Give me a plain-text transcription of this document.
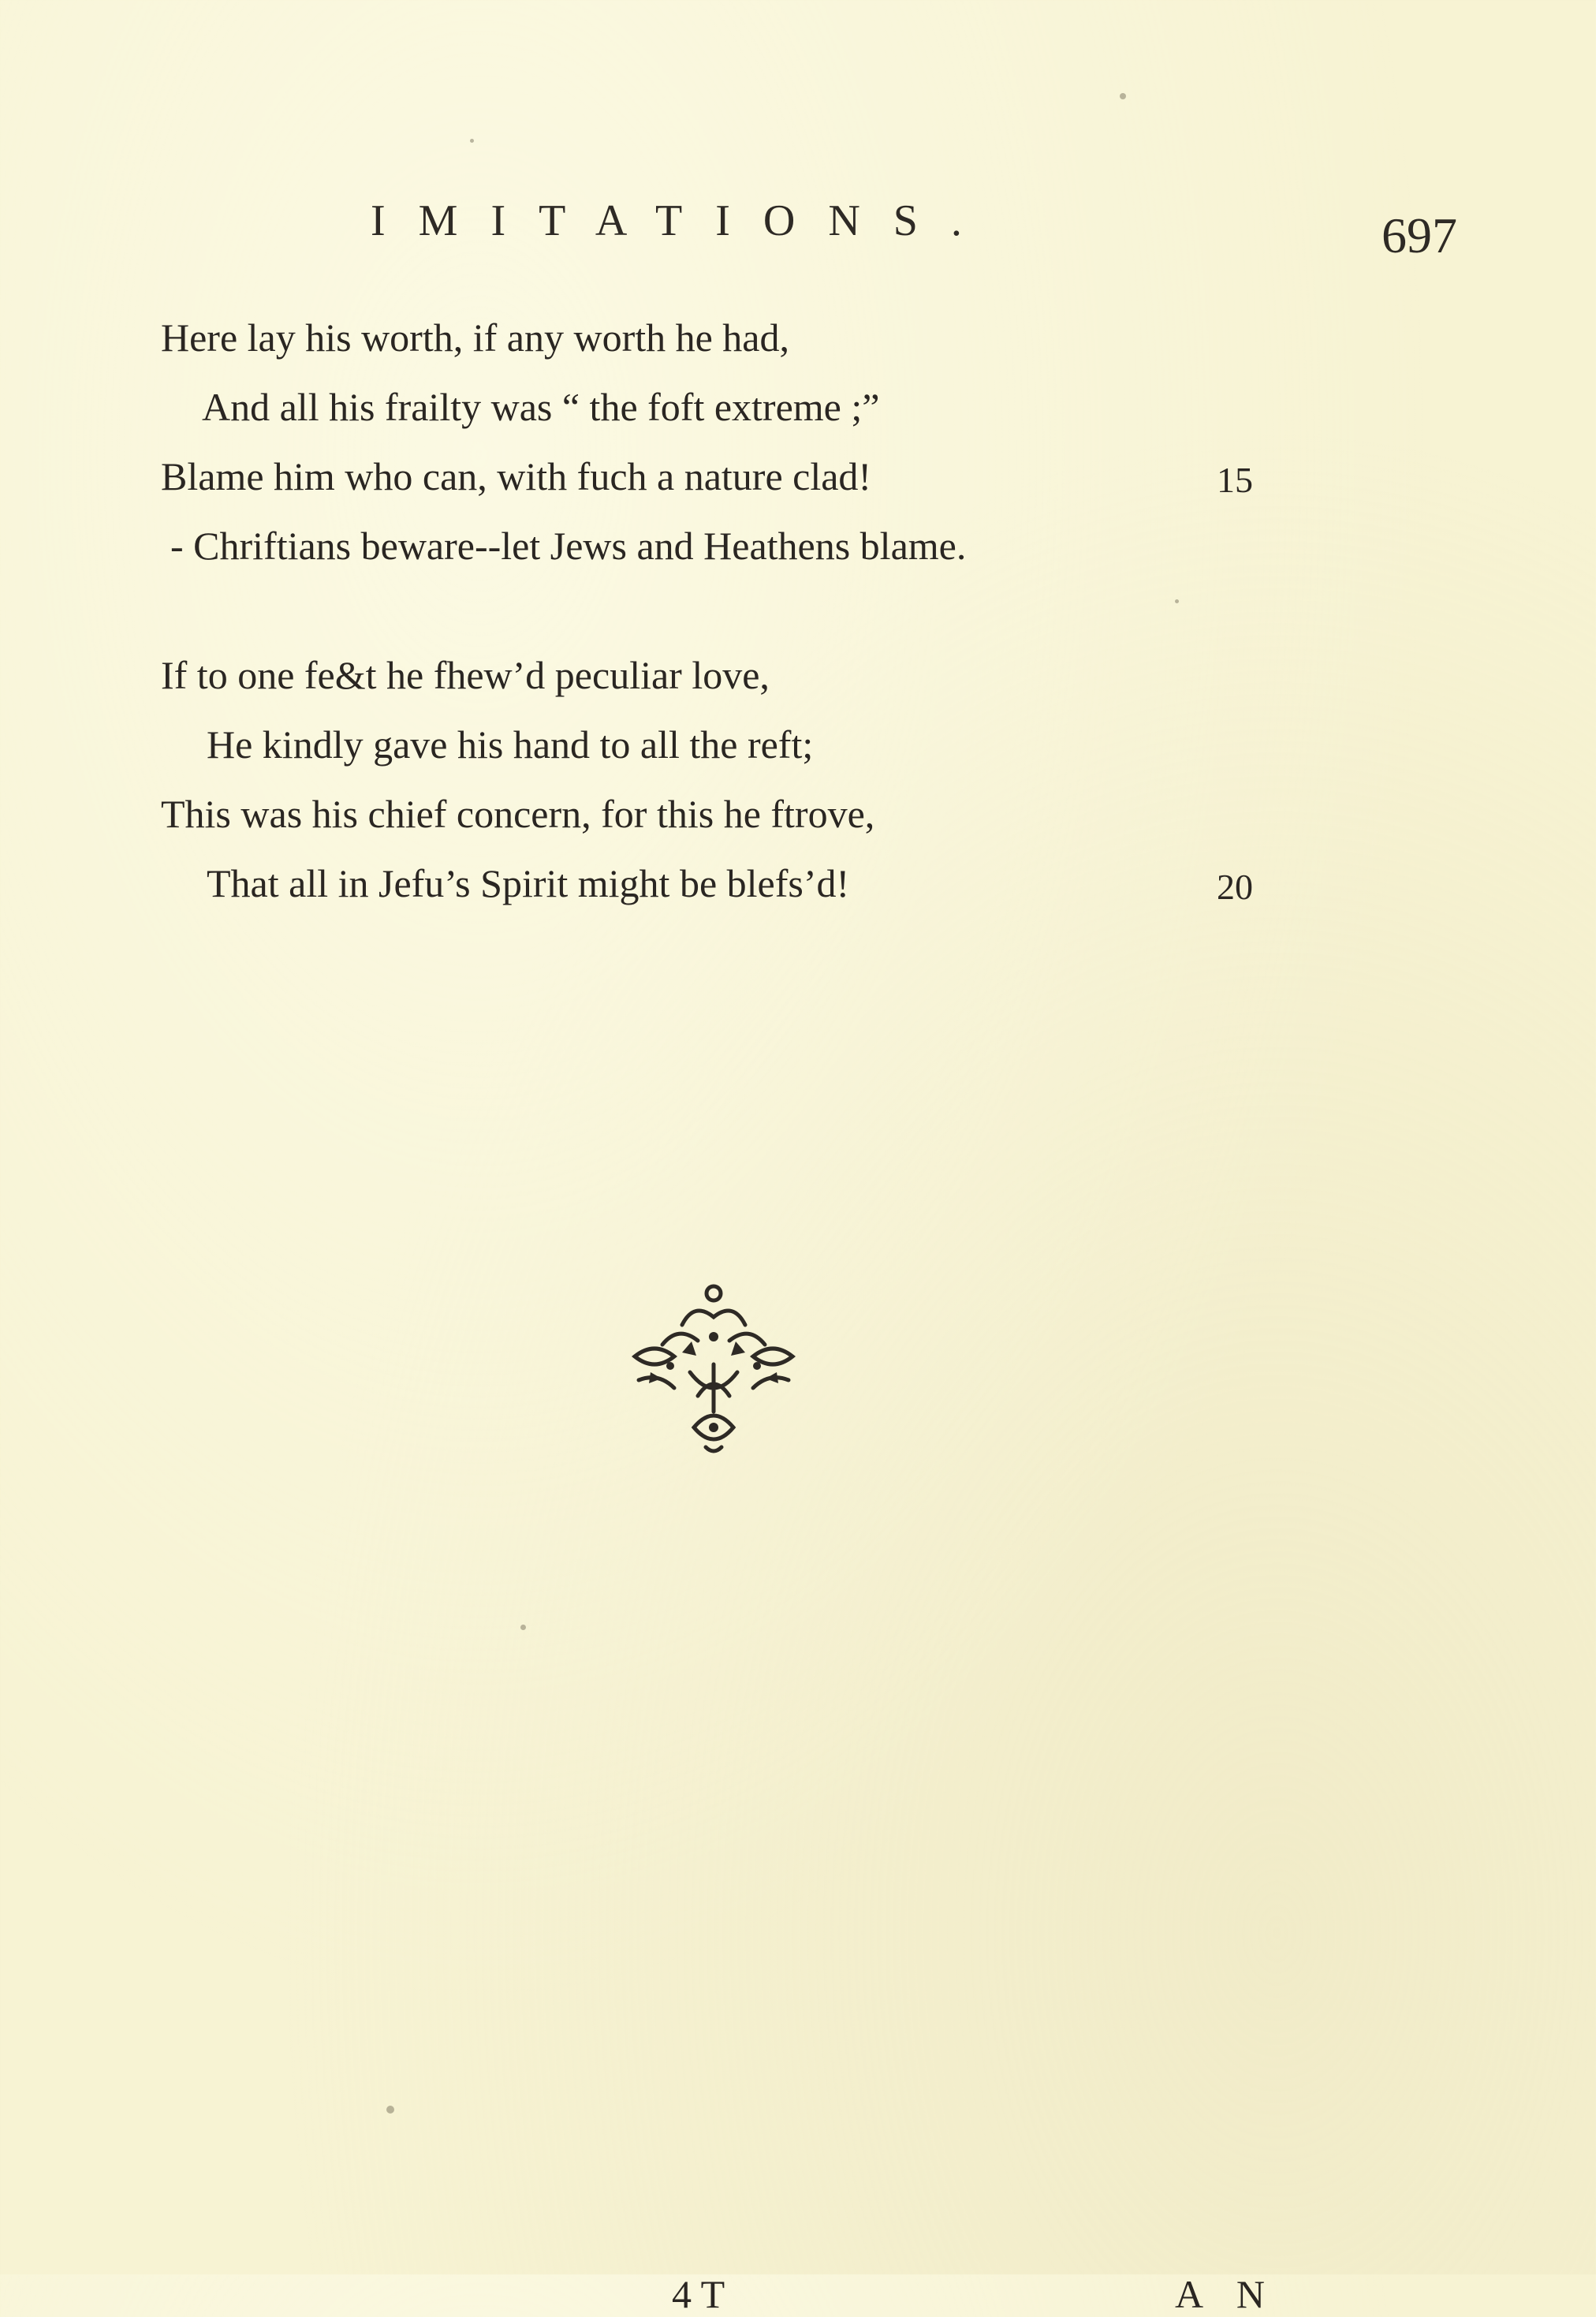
IMITATIONS.	697
Here lay his worth, if any worth he had,
And all his frailty was “ the foft extreme ;”
Blame him who can, with fuch a nature clad!	15
- Chriftians beware--let Jews and Heathens blame.
If to one fe&t he fhew’d peculiar love,
He kindly gave his hand to all the reft;
This was his chief concern, for this he ftrove,
That all in Jefu’s Spirit might be blefs’d!	20
4 T	A N
